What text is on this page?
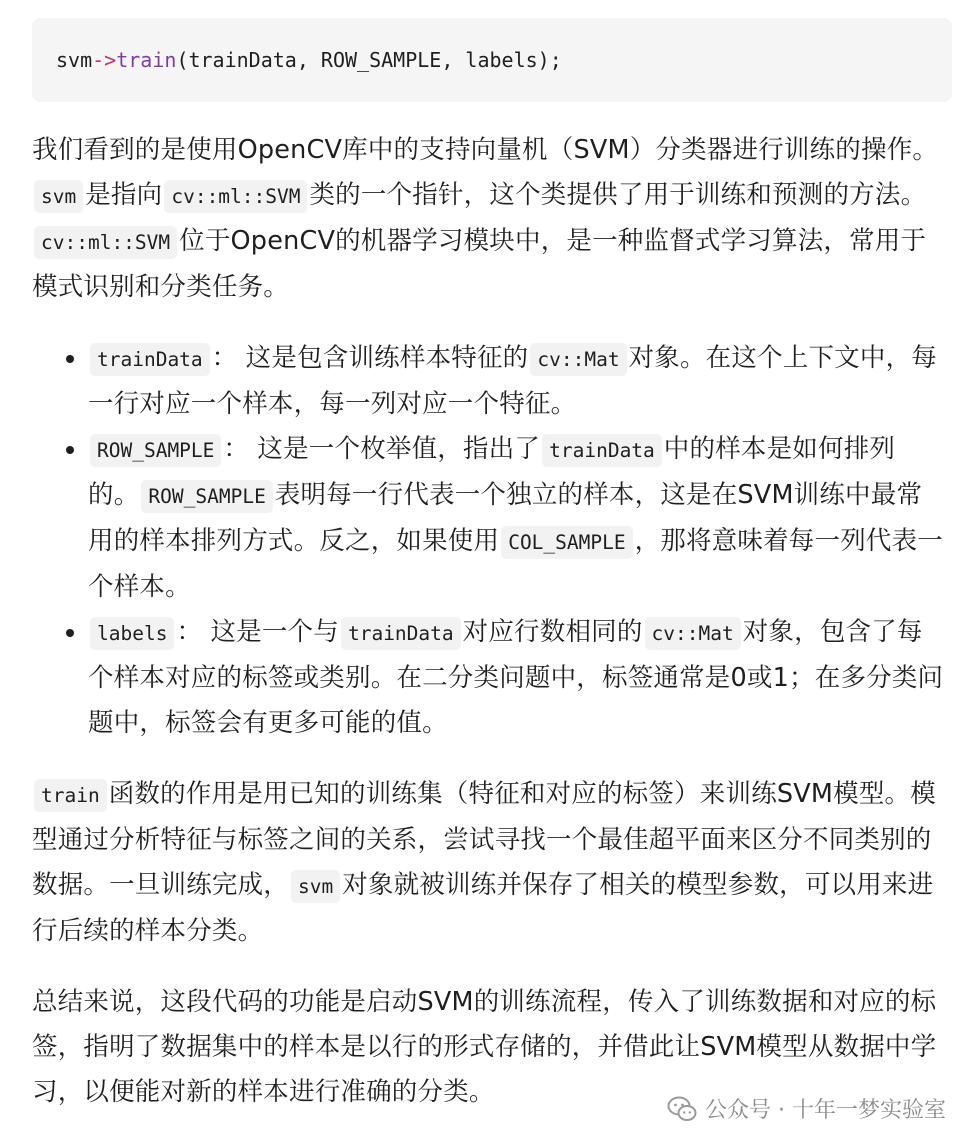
svm -> train (trainData, ROW_SAMPLE, labels);

我们看到的是使用OpenCV库中的支持向量机（SVM）分类器进行训练的操作。svm 是指向 cv::ml::SVM 类的一个指针，这个类提供了用于训练和预测的方法。cv::ml::SVM 位于OpenCV的机器学习模块中，是一种监督式学习算法，常用于模式识别和分类任务。

trainData ： 这是包含训练样本特征的 cv::Mat 对象。在这个上下文中，每一行对应一个样本，每一列对应一个特征。
ROW_SAMPLE ： 这是一个枚举值，指出了 trainData 中的样本是如何排列的。 ROW_SAMPLE 表明每一行代表一个独立的样本，这是在SVM训练中最常用的样本排列方式。反之，如果使用 COL_SAMPLE ，那将意味着每一列代表一个样本。
labels ： 这是一个与 trainData 对应行数相同的 cv::Mat 对象，包含了每个样本对应的标签或类别。在二分类问题中，标签通常是0或1；在多分类问题中，标签会有更多可能的值。

train 函数的作用是用已知的训练集（特征和对应的标签）来训练SVM模型。模型通过分析特征与标签之间的关系，尝试寻找一个最佳超平面来区分不同类别的数据。一旦训练完成， svm 对象就被训练并保存了相关的模型参数，可以用来进行后续的样本分类。

总结来说，这段代码的功能是启动SVM的训练流程，传入了训练数据和对应的标签，指明了数据集中的样本是以行的形式存储的，并借此让SVM模型从数据中学习，以便能对新的样本进行准确的分类。

公众号 · 十年一梦实验室
